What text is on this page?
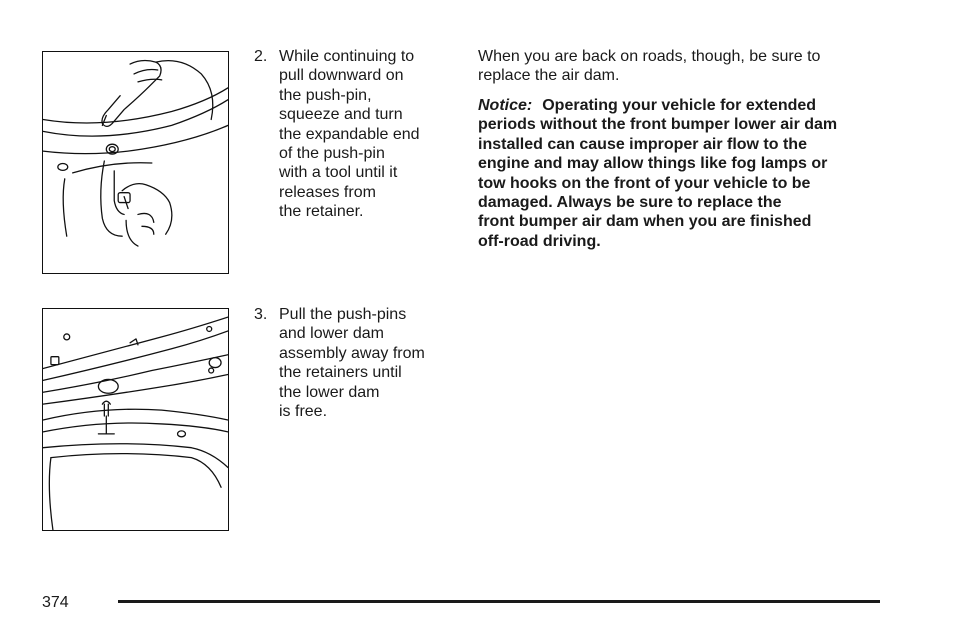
2. While continuing to
pull downward on
the push-pin,
squeeze and turn
the expandable end
of the push-pin
with a tool until it
releases from
the retainer.
3. Pull the push-pins
and lower dam
assembly away from
the retainers until
the lower dam
is free.
When you are back on roads, though, be sure to
replace the air dam.
Notice: Operating your vehicle for extended
periods without the front bumper lower air dam
installed can cause improper air flow to the
engine and may allow things like fog lamps or
tow hooks on the front of your vehicle to be
damaged. Always be sure to replace the
front bumper air dam when you are finished
off-road driving.
374
